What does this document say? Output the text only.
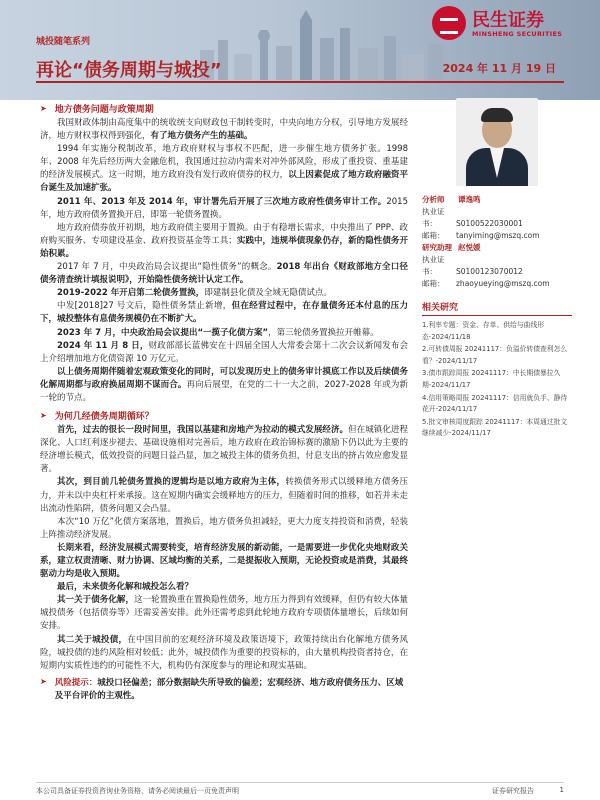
城投随笔系列
再论“债务周期与城投”	2024 年 11 月 19 日
民生证券
MINSHENG SECURITIES
➤ 地方债务问题与政策周期

我国财政体制由高度集中的统收统支向财政包干制转变时，中央向地方分权，引导地方发展经济，地方财权事权得到强化，有了地方债务产生的基础。

1994 年实施分税制改革，地方政府财权与事权不匹配，进一步催生地方债务扩张。1998 年、2008 年先后经历两大金融危机，我国通过拉动内需来对冲外部风险，形成了重投资、重基建的经济发展模式。这一时期，地方政府没有发行政府债券的权力，以上因素促成了地方政府融资平台诞生及加速扩张。

2011 年、2013 年及 2014 年，审计署先后开展了三次地方政府性债务审计工作。2015 年，地方政府债务置换开启，即第一轮债务置换。

地方政府债券放开初期，地方政府债主要用于置换。由于有稳增长需求，中央推出了 PPP、政府购买服务、专项建设基金、政府投资基金等工具；实践中，违规举债现象仍存，新的隐性债务开始积累。

2017 年 7 月，中央政治局会议提出“隐性债务”的概念。2018 年出台《财政部地方全口径债务清查统计填报说明》，开始隐性债务统计认定工作。

2019-2022 年开启第二轮债务置换，即建制县化债及全域无隐债试点。

中发[2018]27 号文后，隐性债务禁止新增，但在经营过程中，在存量债务还本付息的压力下，城投整体有息债务规模仍在不断扩大。

2023 年 7 月，中央政治局会议提出“一揽子化债方案”，第三轮债务置换拉开帷幕。

2024 年 11 月 8 日，财政部部长蓝佛安在十四届全国人大常委会第十二次会议新闻发布会上介绍增加地方化债资源 10 万亿元。

以上债务周期伴随着宏观政策变化的同时，可以发现历史上的债务审计摸底工作以及后续债务化解周期都与政府换届周期不谋而合。再向后展望，在党的二十一大之前，2027-2028 年或为新一轮的节点。

➤ 为何几经债务周期循环？

首先，过去的很长一段时间里，我国以基建和房地产为拉动的模式发展经济。但在城镇化进程深化、人口红利逐步褪去、基础设施相对完善后，地方政府在政治锦标赛的激励下仍以此为主要的经济增长模式，低效投资的问题日益凸显，加之城投主体的债务负担，付息支出的挤占效应愈发显著。

其次，到目前几轮债务置换的逻辑均是以地方政府为主体，转换债务形式以缓释地方债务压力，并未以中央杠杆来承接。这在短期内确实会缓释地方的压力，但随着时间的推移，如若并未走出流动性陷阱，债务问题又会凸显。

本次“10 万亿”化债方案落地，置换后，地方债务负担减轻，更大力度支持投资和消费，轻装上阵推动经济发展。

长期来看，经济发展模式需要转变，培育经济发展的新动能，一是需要进一步优化央地财政关系，建立权责清晰、财力协调、区域均衡的关系，二是提振收入预期，无论投资或是消费，其最终驱动力均是收入预期。

最后，未来债务化解和城投怎么看？

其一关于债务化解，这一轮置换重在置换隐性债务，地方压力得到有效缓释，但仍有较大体量城投债务（包括债券等）还需妥善安排。此外还需考虑到此轮地方政府专项债体量增长，后续如何安排。

其二关于城投债，在中国目前的宏观经济环境及政策语境下，政策持续出台化解地方债务风险，城投债的违约风险相对较低；此外，城投债作为重要的投资标的，由大量机构投资者持仓，在短期内实质性违约的可能性不大，机构仍有深度参与的理论和现实基础。

➤ 风险提示：城投口径偏差；部分数据缺失所导致的偏差；宏观经济、地方政府债务压力、区域及平台评价的主观性。
分析师 谭逸鸣
执业证书：	S0100522030001
邮箱： tanyiming@mszq.com
研究助理 赵悦媛
执业证书：	S0100123070012
邮箱： zhaoyueying@mszq.com
相关研究
1.利率专题：资金、存单、供给与曲线形态-2024/11/18
2.可转债周报 20241117：负溢价转债查利怎么看？-2024/11/17
3.债市跟踪周报 20241117：中长期债暴拉久期-2024/11/17
4.信用策略周报 20241117：信用就负手、静待花开-2024/11/17
5.批文审核周度跟踪 20241117：本周通过批文继续减少-2024/11/17
本公司具备证券投资咨询业务资格，请务必阅读最后一页免责声明	证券研究报告	1
